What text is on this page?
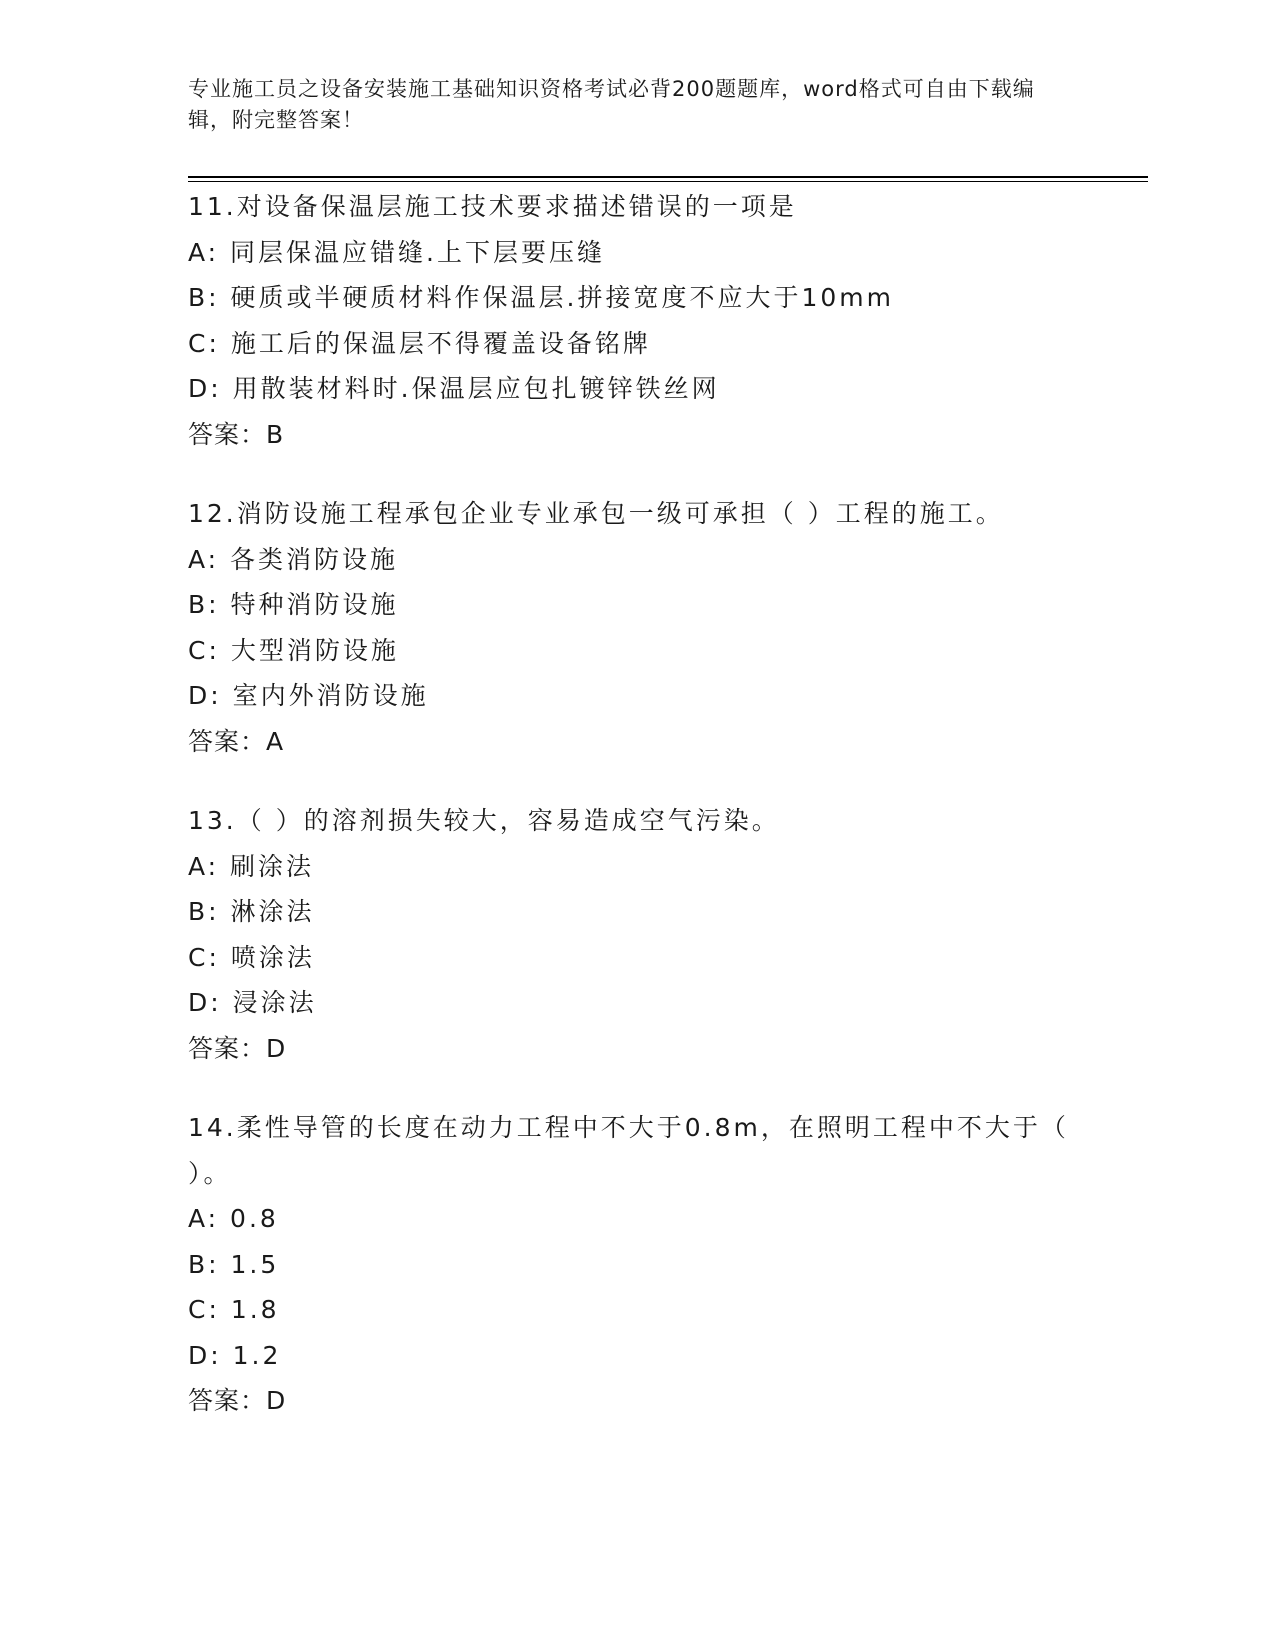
专业施工员之设备安装施工基础知识资格考试必背200题题库，word格式可自由下载编辑，附完整答案！
11.对设备保温层施工技术要求描述错误的一项是
A: 同层保温应错缝.上下层要压缝
B: 硬质或半硬质材料作保温层.拼接宽度不应大于10mm
C: 施工后的保温层不得覆盖设备铭牌
D: 用散装材料时.保温层应包扎镀锌铁丝网
答案：B
12.消防设施工程承包企业专业承包一级可承担（ ）工程的施工。
A: 各类消防设施
B: 特种消防设施
C: 大型消防设施
D: 室内外消防设施
答案：A
13.（ ）的溶剂损失较大，容易造成空气污染。
A: 刷涂法
B: 淋涂法
C: 喷涂法
D: 浸涂法
答案：D
14.柔性导管的长度在动力工程中不大于0.8m，在照明工程中不大于（ ）。
A: 0.8
B: 1.5
C: 1.8
D: 1.2
答案：D
